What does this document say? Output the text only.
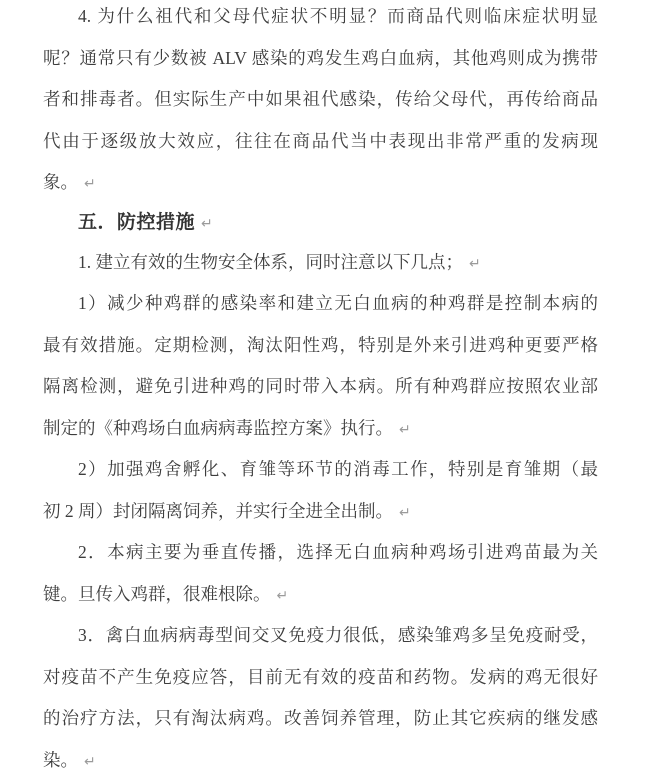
4. 为什么祖代和父母代症状不明显？而商品代则临床症状明显
呢？通常只有少数被 ALV 感染的鸡发生鸡白血病，其他鸡则成为携带
者和排毒者。但实际生产中如果祖代感染，传给父母代，再传给商品
代由于逐级放大效应，往往在商品代当中表现出非常严重的发病现
象。 ↵
五．防控措施 ↵
1. 建立有效的生物安全体系，同时注意以下几点； ↵
1）减少种鸡群的感染率和建立无白血病的种鸡群是控制本病的
最有效措施。定期检测，淘汰阳性鸡，特别是外来引进鸡种更要严格
隔离检测，避免引进种鸡的同时带入本病。所有种鸡群应按照农业部
制定的《种鸡场白血病病毒监控方案》执行。 ↵
2）加强鸡舍孵化、育雏等环节的消毒工作，特别是育雏期（最
初 2 周）封闭隔离饲养，并实行全进全出制。 ↵
2．本病主要为垂直传播，选择无白血病种鸡场引进鸡苗最为关
键。旦传入鸡群，很难根除。 ↵
3．禽白血病病毒型间交叉免疫力很低，感染雏鸡多呈免疫耐受，
对疫苗不产生免疫应答，目前无有效的疫苗和药物。发病的鸡无很好
的治疗方法，只有淘汰病鸡。改善饲养管理，防止其它疾病的继发感
染。 ↵
